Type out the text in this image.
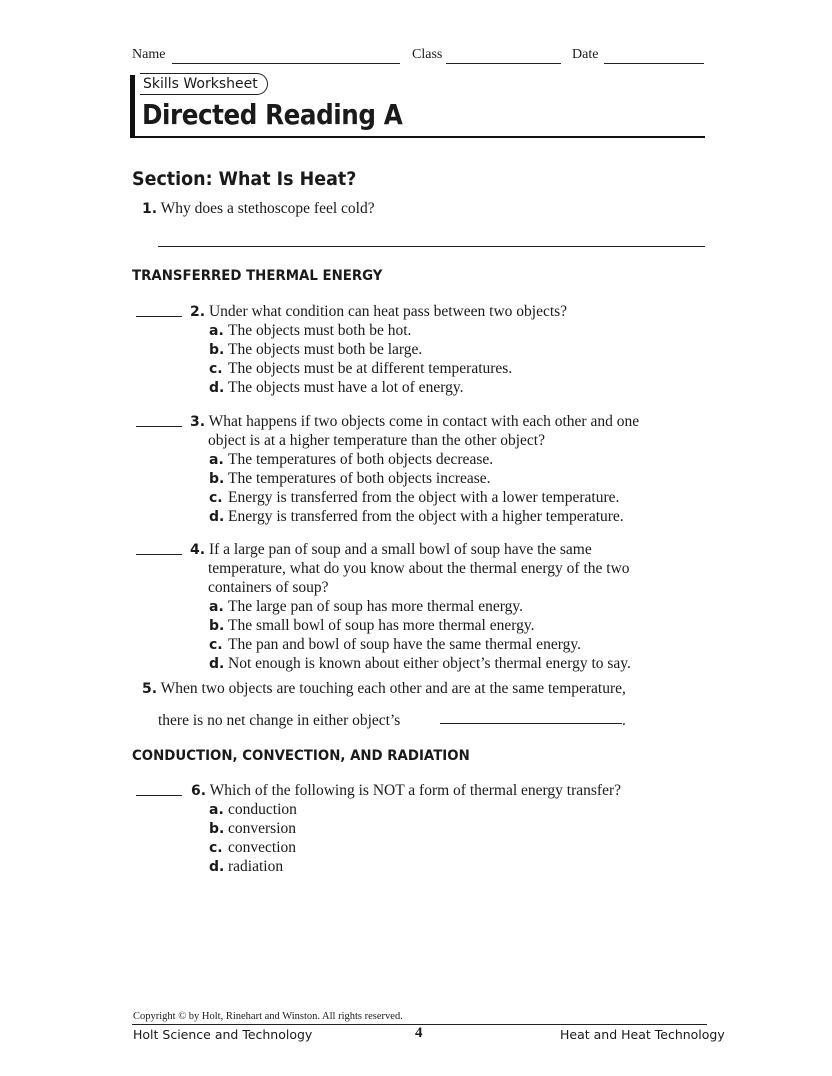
Name	Class	Date
Skills Worksheet
Directed Reading A
Section: What Is Heat?
1. Why does a stethoscope feel cold?
TRANSFERRED THERMAL ENERGY
2. Under what condition can heat pass between two objects?
a. The objects must both be hot.
b. The objects must both be large.
c. The objects must be at different temperatures.
d. The objects must have a lot of energy.
3. What happens if two objects come in contact with each other and one
object is at a higher temperature than the other object?
a. The temperatures of both objects decrease.
b. The temperatures of both objects increase.
c. Energy is transferred from the object with a lower temperature.
d. Energy is transferred from the object with a higher temperature.
4. If a large pan of soup and a small bowl of soup have the same
temperature, what do you know about the thermal energy of the two
containers of soup?
a. The large pan of soup has more thermal energy.
b. The small bowl of soup has more thermal energy.
c. The pan and bowl of soup have the same thermal energy.
d. Not enough is known about either object’s thermal energy to say.
5. When two objects are touching each other and are at the same temperature,
there is no net change in either object’s	.
CONDUCTION, CONVECTION, AND RADIATION
6. Which of the following is NOT a form of thermal energy transfer?
a. conduction
b. conversion
c. convection
d. radiation
Copyright © by Holt, Rinehart and Winston. All rights reserved.
Holt Science and Technology	4	Heat and Heat Technology
